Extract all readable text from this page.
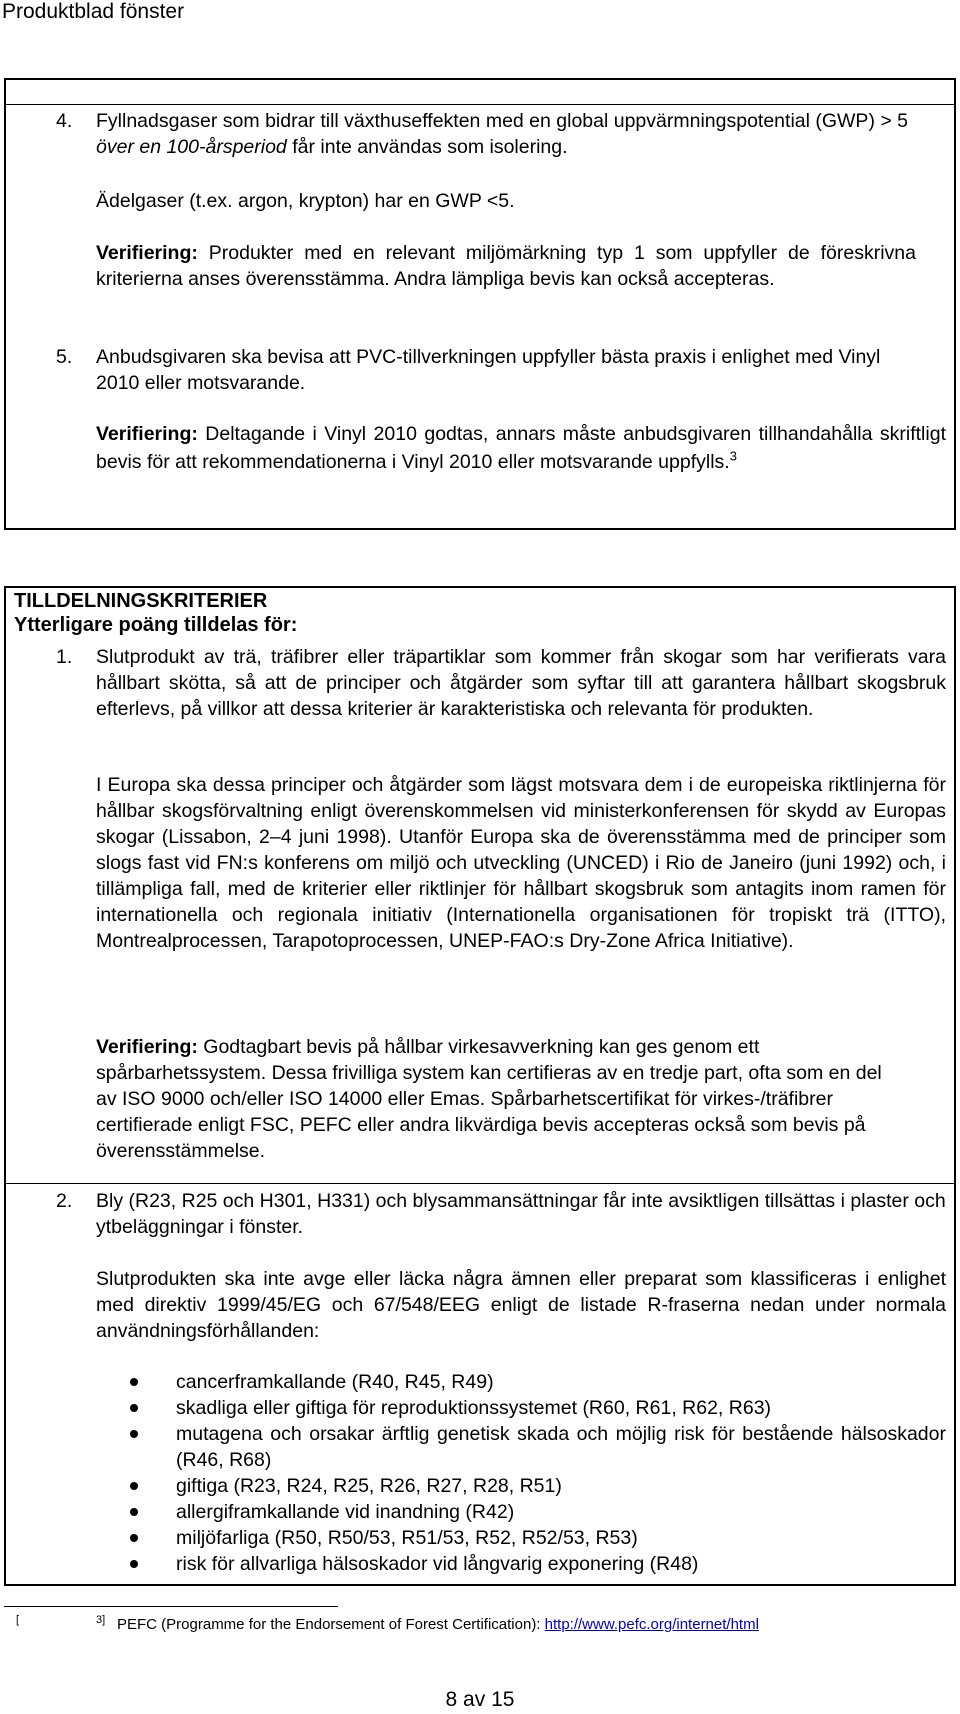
Produktblad fönster
4. Fyllnadsgaser som bidrar till växthuseffekten med en global uppvärmningspotential (GWP) > 5 över en 100-årsperiod får inte användas som isolering.
Ädelgaser (t.ex. argon, krypton) har en GWP <5.
Verifiering: Produkter med en relevant miljömärkning typ 1 som uppfyller de föreskrivna kriterierna anses överensstämma. Andra lämpliga bevis kan också accepteras.
5. Anbudsgivaren ska bevisa att PVC-tillverkningen uppfyller bästa praxis i enlighet med Vinyl 2010 eller motsvarande.
Verifiering: Deltagande i Vinyl 2010 godtas, annars måste anbudsgivaren tillhandahålla skriftligt bevis för att rekommendationerna i Vinyl 2010 eller motsvarande uppfylls.$^3$
TILLDELNINGSKRITERIER
Ytterligare poäng tilldelas för:
1. Slutprodukt av trä, träfibrer eller träpartiklar som kommer från skogar som har verifierats vara hållbart skötta, så att de principer och åtgärder som syftar till att garantera hållbart skogsbruk efterlevs, på villkor att dessa kriterier är karakteristiska och relevanta för produkten.
I Europa ska dessa principer och åtgärder som lägst motsvara dem i de europeiska riktlinjerna för hållbar skogsförvaltning enligt överenskommelsen vid ministerkonferensen för skydd av Europas skogar (Lissabon, 2–4 juni 1998). Utanför Europa ska de överensstämma med de principer som slogs fast vid FN:s konferens om miljö och utveckling (UNCED) i Rio de Janeiro (juni 1992) och, i tillämpliga fall, med de kriterier eller riktlinjer för hållbart skogsbruk som antagits inom ramen för internationella och regionala initiativ (Internationella organisationen för tropiskt trä (ITTO), Montrealprocessen, Tarapotoprocessen, UNEP-FAO:s Dry-Zone Africa Initiative).
Verifiering: Godtagbart bevis på hållbar virkesavverkning kan ges genom ett spårbarhetssystem. Dessa frivilliga system kan certifieras av en tredje part, ofta som en del av ISO 9000 och/eller ISO 14000 eller Emas. Spårbarhetscertifikat för virkes-/träfibrer certifierade enligt FSC, PEFC eller andra likvärdiga bevis accepteras också som bevis på överensstämmelse.
2. Bly (R23, R25 och H301, H331) och blysammansättningar får inte avsiktligen tillsättas i plaster och ytbeläggningar i fönster.
Slutprodukten ska inte avge eller läcka några ämnen eller preparat som klassificeras i enlighet med direktiv 1999/45/EG och 67/548/EEG enligt de listade R-fraserna nedan under normala användningsförhållanden:
cancerframkallande (R40, R45, R49)
skadliga eller giftiga för reproduktionssystemet (R60, R61, R62, R63)
mutagena och orsakar ärftlig genetisk skada och möjlig risk för bestående hälsoskador (R46, R68)
giftiga (R23, R24, R25, R26, R27, R28, R51)
allergiframkallande vid inandning (R42)
miljöfarliga (R50, R50/53, R51/53, R52, R52/53, R53)
risk för allvarliga hälsoskador vid långvarig exponering (R48)
[	3] PEFC (Programme for the Endorsement of Forest Certification): http://www.pefc.org/internet/html
8 av 15
